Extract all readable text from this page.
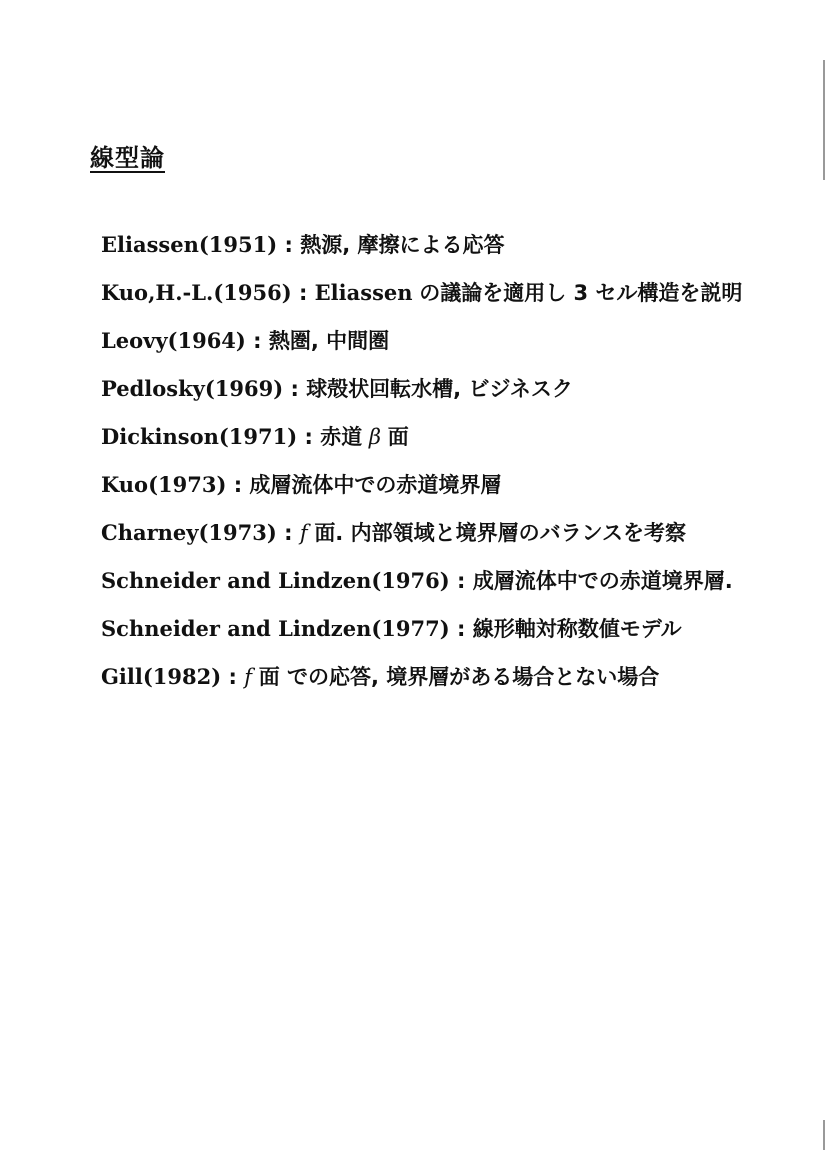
線型論
Eliassen(1951) : 熱源, 摩擦による応答
Kuo,H.-L.(1956) : Eliassen の議論を適用し 3 セル構造を説明
Leovy(1964) : 熱圏, 中間圏
Pedlosky(1969) : 球殻状回転水槽, ビジネスク
Dickinson(1971) : 赤道 β 面
Kuo(1973) : 成層流体中での赤道境界層
Charney(1973) : f 面. 内部領域と境界層のバランスを考察
Schneider and Lindzen(1976) : 成層流体中での赤道境界層.
Schneider and Lindzen(1977) : 線形軸対称数値モデル
Gill(1982) : f 面 での応答, 境界層がある場合とない場合
